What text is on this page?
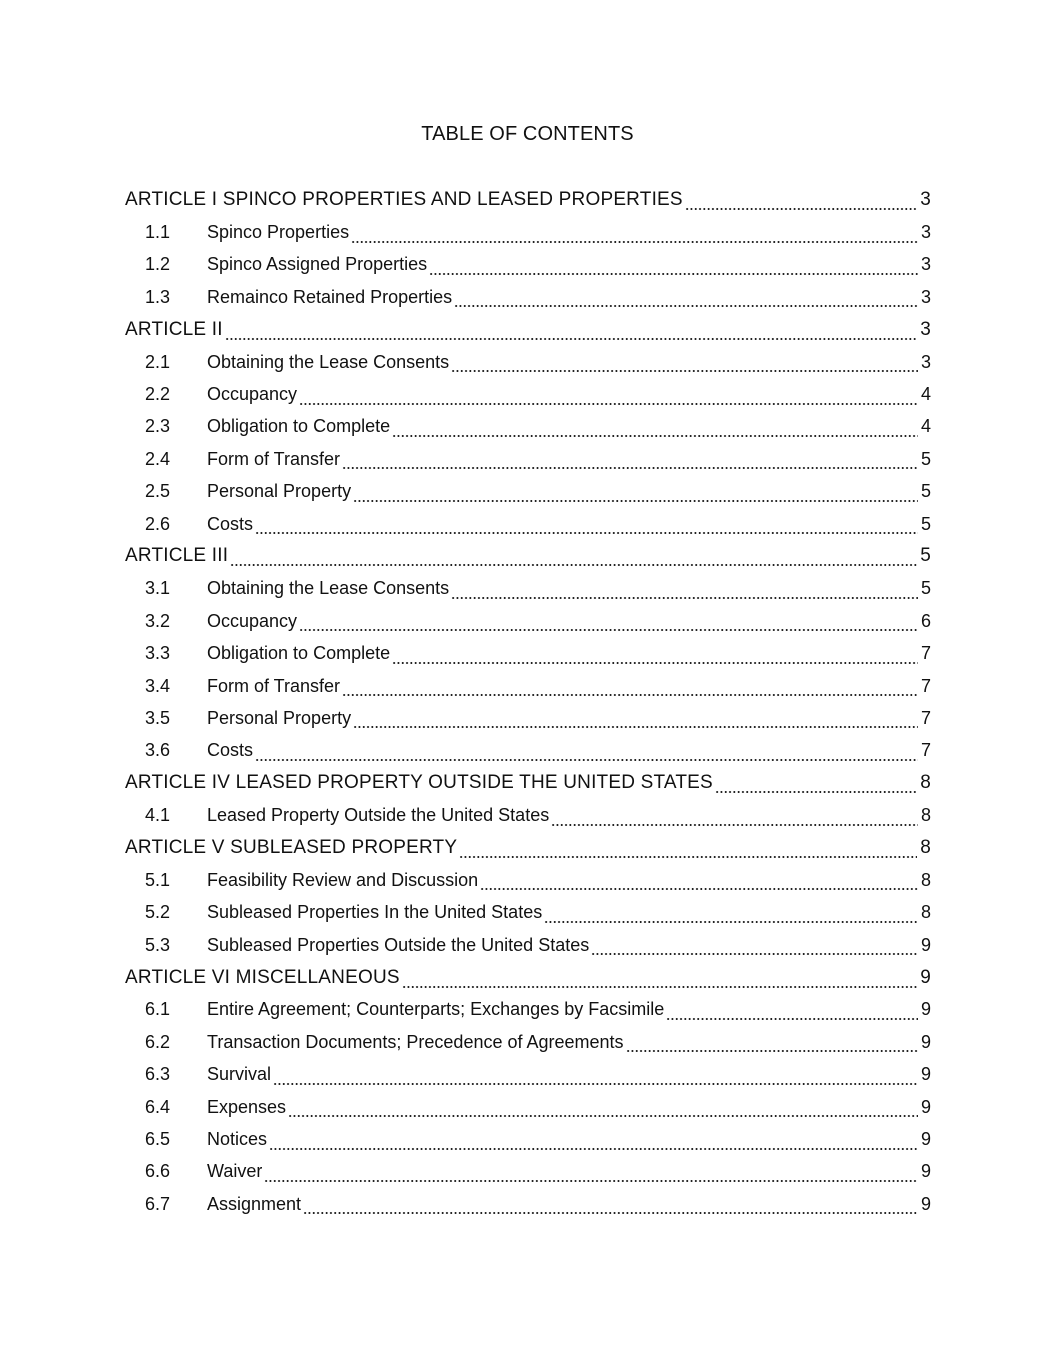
TABLE OF CONTENTS
ARTICLE I SPINCO PROPERTIES AND LEASED PROPERTIES	3
1.1	Spinco Properties	3
1.2	Spinco Assigned Properties	3
1.3	Remainco Retained Properties	3
ARTICLE II	3
2.1	Obtaining the Lease Consents	3
2.2	Occupancy	4
2.3	Obligation to Complete	4
2.4	Form of Transfer	5
2.5	Personal Property	5
2.6	Costs	5
ARTICLE III	5
3.1	Obtaining the Lease Consents	5
3.2	Occupancy	6
3.3	Obligation to Complete	7
3.4	Form of Transfer	7
3.5	Personal Property	7
3.6	Costs	7
ARTICLE IV LEASED PROPERTY OUTSIDE THE UNITED STATES	8
4.1	Leased Property Outside the United States	8
ARTICLE V SUBLEASED PROPERTY	8
5.1	Feasibility Review and Discussion	8
5.2	Subleased Properties In the United States	8
5.3	Subleased Properties Outside the United States	9
ARTICLE VI MISCELLANEOUS	9
6.1	Entire Agreement; Counterparts; Exchanges by Facsimile	9
6.2	Transaction Documents; Precedence of Agreements	9
6.3	Survival	9
6.4	Expenses	9
6.5	Notices	9
6.6	Waiver	9
6.7	Assignment	9
